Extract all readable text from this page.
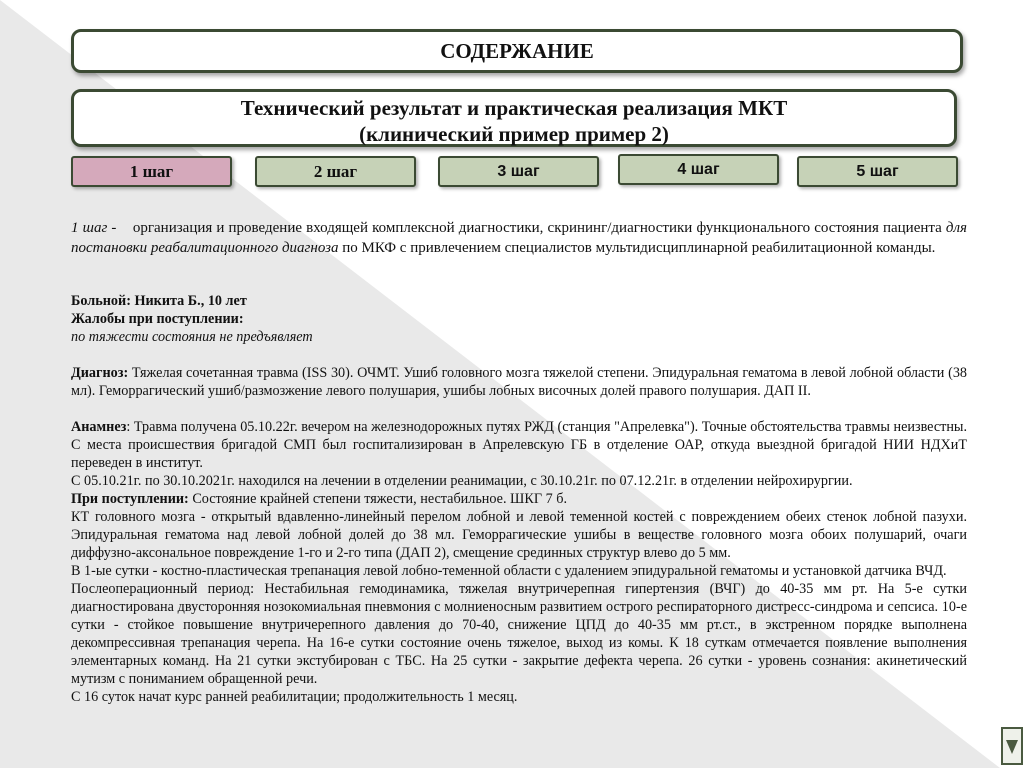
СОДЕРЖАНИЕ
Технический результат и практическая реализация МКТ
(клинический пример пример 2)
1 шаг	2 шаг	3 шаг	4 шаг	5 шаг

1 шаг - организация и проведение входящей комплексной диагностики, скрининг/диагностики функционального состояния пациента для постановки реабалитационного диагноза по МКФ с привлечением специалистов мультидисциплинарной реабилитационной команды.

Больной: Никита Б., 10 лет

Жалобы при поступлении:

по тяжести состояния не предъявляет

Диагноз: Тяжелая сочетанная травма (ISS 30). ОЧМТ. Ушиб головного мозга тяжелой степени. Эпидуральная гематома в левой лобной области (38 мл). Геморрагический ушиб/размозжение левого полушария, ушибы лобных височных долей правого полушария. ДАП II.

Анамнез: Травма получена 05.10.22г. вечером на железнодорожных путях РЖД (станция "Апрелевка"). Точные обстоятельства травмы неизвестны. С места происшествия бригадой СМП был госпитализирован в Апрелевскую ГБ в отделение ОАР, откуда выездной бригадой НИИ НДХиТ переведен в институт.

С 05.10.21г. по 30.10.2021г. находился на лечении в отделении реанимации, с 30.10.21г. по 07.12.21г. в отделении нейрохирургии.

При поступлении: Состояние крайней степени тяжести, нестабильное. ШКГ 7 б.

КТ головного мозга - открытый вдавленно-линейный перелом лобной и левой теменной костей с повреждением обеих стенок лобной пазухи. Эпидуральная гематома над левой лобной долей до 38 мл. Геморрагические ушибы в веществе головного мозга обоих полушарий, очаги диффузно-аксональное повреждение 1-го и 2-го типа (ДАП 2), смещение срединных структур влево до 5 мм.

В 1-ые сутки - костно-пластическая трепанация левой лобно-теменной области с удалением эпидуральной гематомы и установкой датчика ВЧД.

Послеоперационный период: Нестабильная гемодинамика, тяжелая внутричерепная гипертензия (ВЧГ) до 40-35 мм рт. На 5-е сутки диагностирована двусторонняя нозокомиальная пневмония с молниеносным развитием острого респираторного дистресс-синдрома и сепсиса. 10-е сутки - стойкое повышение внутричерепного давления до 70-40, снижение ЦПД до 40-35 мм рт.ст., в экстренном порядке выполнена декомпрессивная трепанация черепа. На 16-е сутки состояние очень тяжелое, выход из комы. К 18 суткам отмечается появление выполнения элементарных команд. На 21 сутки экстубирован с ТБС. На 25 сутки - закрытие дефекта черепа. 26 сутки - уровень сознания: акинетический мутизм с пониманием обращенной речи.

С 16 суток начат курс ранней реабилитации; продолжительность 1 месяц.
